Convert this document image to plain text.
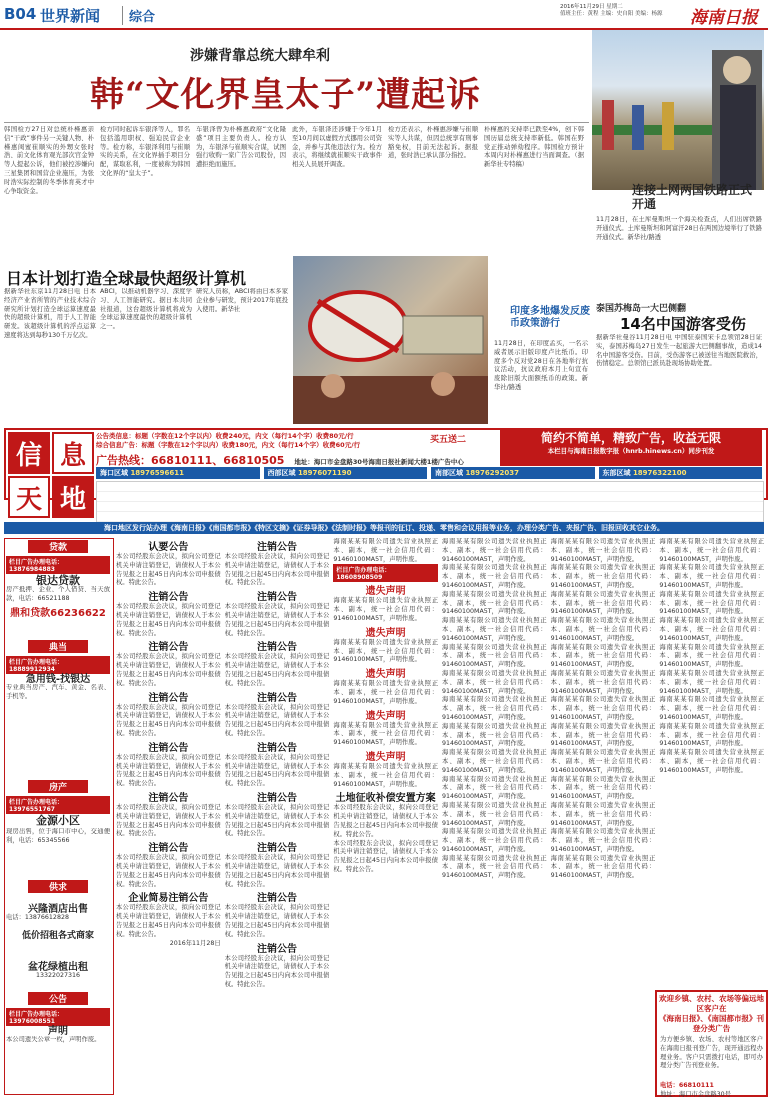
B04 世界新闻	综合
2016年11月29日 星期二
值班主任：黄程 主编：史自阳 美编：杨源 海南日报
涉嫌背靠总统大肆牟利
韩“文化界皇太子”遭起诉
韩国检方27日对总统朴槿惠亲信“干政”事件另一关键人物、朴槿惠闺蜜崔顺实的外甥女张时浩、前文化体育观光部次官金钟等人提起公诉，他们被控涉嫌向三星集团和国营企业施压，为张时浩实际控制的冬季体育英才中心争取资金。
检方同时起诉车银泽等人，罪名包括滥用职权、强迫民营企业等。检方称，车银泽利用与崔顺实的关系，在文化界插手项目分配，谋取私利，一度被称为韩国文化界的“皇太子”。
车银泽曾为朴槿惠政府“文化隆盛”项目主要负责人。检方认为，车银泽与崔顺实合谋，试图强行收购一家广告公司股份，因遭拒绝而施压。
此外，车银泽还涉嫌于今年1月至10月间以虚假方式挪用公司资金，并参与其他违法行为。检方表示，将继续就崔顺实干政事件相关人员展开调查。
检方还表示，朴槿惠涉嫌与崔顺实等人共谋，但因总统享有刑事豁免权，目前无法起诉。据报道，张时浩已承认部分指控。
朴槿惠的支持率已跌至4%，创下韩国历届总统支持率新低。韩国在野党正推动弹劾程序。韩国检方预计本周内对朴槿惠进行当面调查。（据新华社专特稿）
连接土网两国铁路正式开通
11月28日，在土库曼斯坦一个海关检查点，人们出席铁路开通仪式。土库曼斯坦和阿富汗28日在两国边境举行了铁路开通仪式。新华社/路透
日本计划打造全球最快超级计算机
据新华社东京11月28日电 日本经济产业省所管的产业技术综合研究所计划打造全球运算速度最快的超级计算机，用于人工智能研发。该超级计算机的浮点运算速度将达到每秒130千万亿次。
ABCI，以推动机器学习、深度学习、人工智能研究。据日本共同社报道，这台超级计算机将成为全球运算速度最快的超级计算机之一。
研究人员称，ABCI将由日本多家企业参与研发，预计2017年底投入使用。新华社	印度多地爆发反废币政策游行
11月28日，在印度孟买，一名示威者展示旧版印度卢比纸币。印度多个反对党28日在各地举行抗议活动，抗议政府本月上旬宣布废除旧版大面额纸币的政策。新华社/路透
泰国苏梅岛一大巴侧翻
14名中国游客受伤
据新华社曼谷11月28日电 中国驻泰国宋卡总领馆28日证实，泰国苏梅岛27日发生一起旅游大巴侧翻事故，造成14名中国游客受伤。目前，受伤游客已被送往当地医院救治，伤情稳定。总领馆已派员赴现场协助处置。
信 息
天 地
公告类信息：标题（字数在12个字以内）收费240元，内文（每行14个字）收费80元/行
综合信息广告：标题（字数在12个字以内）收费180元，内文（每行14个字）收费60元/行
广告热线：66810111、66810505 地址：海口市金盘路30号海南日报社新闻大楼1楼广告中心
买五送二	简约不简单，精致广告，收益无限
本栏目与海南日报数字报（hnrb.hinews.cn）同步刊发
海口区域 18976596611	西部区域 18976071190	南部区域 18976292037	东部区域 18976322100
海口地区发行站办理《海南日报》《南国都市报》《特区文摘》《证券导报》《法制时报》等报刊的征订、投递、零售和会议用报等业务，办理分类广告、夹报广告、旧报回收其它业务。
贷款
栏目广告办理电话：13876984883
银达贷款
房产抵押、企业、个人借贷、当天放款，电话：66521188
鼎和贷款66236622
典当
栏目广告办理电话：18889912934
急用钱-找银达
专业典当房产、汽车、黄金、名表、手机等。
房产
栏目广告办理电话：13976551767
金源小区
现房出售，位于海口市中心，交通便利，电话：65345566
供求
兴隆酒店出售
电话：13876612828
低价招租各式商家
盆花绿植出租
13322027316
公告
栏目广告办理电话：13976008551
声明
本公司遗失公章一枚，声明作废。
认要公告
本公司经股东会决议，拟向公司登记机关申请注销登记，请债权人于本公告见报之日起45日内向本公司申报债权。特此公告。
注销公告
本公司经股东会决议，拟向公司登记机关申请注销登记，请债权人于本公告见报之日起45日内向本公司申报债权。特此公告。
注销公告
本公司经股东会决议，拟向公司登记机关申请注销登记，请债权人于本公告见报之日起45日内向本公司申报债权。特此公告。
注销公告
本公司经股东会决议，拟向公司登记机关申请注销登记，请债权人于本公告见报之日起45日内向本公司申报债权。特此公告。
注销公告
本公司经股东会决议，拟向公司登记机关申请注销登记，请债权人于本公告见报之日起45日内向本公司申报债权。特此公告。
注销公告
本公司经股东会决议，拟向公司登记机关申请注销登记，请债权人于本公告见报之日起45日内向本公司申报债权。特此公告。
注销公告
本公司经股东会决议，拟向公司登记机关申请注销登记，请债权人于本公告见报之日起45日内向本公司申报债权。特此公告。
企业简易注销公告
本公司经股东会决议，拟向公司登记机关申请注销登记，请债权人于本公告见报之日起45日内向本公司申报债权。特此公告。
2016年11月28日
注销公告
本公司经股东会决议，拟向公司登记机关申请注销登记，请债权人于本公告见报之日起45日内向本公司申报债权。特此公告。
注销公告
本公司经股东会决议，拟向公司登记机关申请注销登记，请债权人于本公告见报之日起45日内向本公司申报债权。特此公告。
注销公告
本公司经股东会决议，拟向公司登记机关申请注销登记，请债权人于本公告见报之日起45日内向本公司申报债权。特此公告。
注销公告
本公司经股东会决议，拟向公司登记机关申请注销登记，请债权人于本公告见报之日起45日内向本公司申报债权。特此公告。
注销公告
本公司经股东会决议，拟向公司登记机关申请注销登记，请债权人于本公告见报之日起45日内向本公司申报债权。特此公告。
注销公告
本公司经股东会决议，拟向公司登记机关申请注销登记，请债权人于本公告见报之日起45日内向本公司申报债权。特此公告。
注销公告
本公司经股东会决议，拟向公司登记机关申请注销登记，请债权人于本公告见报之日起45日内向本公司申报债权。特此公告。
注销公告
本公司经股东会决议，拟向公司登记机关申请注销登记，请债权人于本公告见报之日起45日内向本公司申报债权。特此公告。
注销公告
本公司经股东会决议，拟向公司登记机关申请注销登记，请债权人于本公告见报之日起45日内向本公司申报债权。特此公告。
海南某某有限公司遗失营业执照正本、副本，统一社会信用代码：91460100MA5T，声明作废。
栏目广告办理电话：18608908509
遗失声明
海南某某有限公司遗失营业执照正本、副本，统一社会信用代码：91460100MA5T，声明作废。
遗失声明
海南某某有限公司遗失营业执照正本、副本，统一社会信用代码：91460100MA5T，声明作废。
遗失声明
海南某某有限公司遗失营业执照正本、副本，统一社会信用代码：91460100MA5T，声明作废。
遗失声明
海南某某有限公司遗失营业执照正本、副本，统一社会信用代码：91460100MA5T，声明作废。
遗失声明
海南某某有限公司遗失营业执照正本、副本，统一社会信用代码：91460100MA5T，声明作废。
土地征收补偿安置方案
本公司经股东会决议，拟向公司登记机关申请注销登记，请债权人于本公告见报之日起45日内向本公司申报债权。特此公告。
本公司经股东会决议，拟向公司登记机关申请注销登记，请债权人于本公告见报之日起45日内向本公司申报债权。特此公告。
海南某某有限公司遗失营业执照正本、副本，统一社会信用代码：91460100MA5T，声明作废。
海南某某有限公司遗失营业执照正本、副本，统一社会信用代码：91460100MA5T，声明作废。
海南某某有限公司遗失营业执照正本、副本，统一社会信用代码：91460100MA5T，声明作废。
海南某某有限公司遗失营业执照正本、副本，统一社会信用代码：91460100MA5T，声明作废。
海南某某有限公司遗失营业执照正本、副本，统一社会信用代码：91460100MA5T，声明作废。
海南某某有限公司遗失营业执照正本、副本，统一社会信用代码：91460100MA5T，声明作废。
海南某某有限公司遗失营业执照正本、副本，统一社会信用代码：91460100MA5T，声明作废。
海南某某有限公司遗失营业执照正本、副本，统一社会信用代码：91460100MA5T，声明作废。
海南某某有限公司遗失营业执照正本、副本，统一社会信用代码：91460100MA5T，声明作废。
海南某某有限公司遗失营业执照正本、副本，统一社会信用代码：91460100MA5T，声明作废。
海南某某有限公司遗失营业执照正本、副本，统一社会信用代码：91460100MA5T，声明作废。
海南某某有限公司遗失营业执照正本、副本，统一社会信用代码：91460100MA5T，声明作废。
海南某某有限公司遗失营业执照正本、副本，统一社会信用代码：91460100MA5T，声明作废。
海南某某有限公司遗失营业执照正本、副本，统一社会信用代码：91460100MA5T，声明作废。
海南某某有限公司遗失营业执照正本、副本，统一社会信用代码：91460100MA5T，声明作废。
海南某某有限公司遗失营业执照正本、副本，统一社会信用代码：91460100MA5T，声明作废。
海南某某有限公司遗失营业执照正本、副本，统一社会信用代码：91460100MA5T，声明作废。
海南某某有限公司遗失营业执照正本、副本，统一社会信用代码：91460100MA5T，声明作废。
海南某某有限公司遗失营业执照正本、副本，统一社会信用代码：91460100MA5T，声明作废。
海南某某有限公司遗失营业执照正本、副本，统一社会信用代码：91460100MA5T，声明作废。
海南某某有限公司遗失营业执照正本、副本，统一社会信用代码：91460100MA5T，声明作废。
海南某某有限公司遗失营业执照正本、副本，统一社会信用代码：91460100MA5T，声明作废。
海南某某有限公司遗失营业执照正本、副本，统一社会信用代码：91460100MA5T，声明作废。
海南某某有限公司遗失营业执照正本、副本，统一社会信用代码：91460100MA5T，声明作废。
海南某某有限公司遗失营业执照正本、副本，统一社会信用代码：91460100MA5T，声明作废。
海南某某有限公司遗失营业执照正本、副本，统一社会信用代码：91460100MA5T，声明作废。
海南某某有限公司遗失营业执照正本、副本，统一社会信用代码：91460100MA5T，声明作废。
海南某某有限公司遗失营业执照正本、副本，统一社会信用代码：91460100MA5T，声明作废。
海南某某有限公司遗失营业执照正本、副本，统一社会信用代码：91460100MA5T，声明作废。
海南某某有限公司遗失营业执照正本、副本，统一社会信用代码：91460100MA5T，声明作废。
海南某某有限公司遗失营业执照正本、副本，统一社会信用代码：91460100MA5T，声明作废。
海南某某有限公司遗失营业执照正本、副本，统一社会信用代码：91460100MA5T，声明作废。
海南某某有限公司遗失营业执照正本、副本，统一社会信用代码：91460100MA5T，声明作废。
海南某某有限公司遗失营业执照正本、副本，统一社会信用代码：91460100MA5T，声明作废。
海南某某有限公司遗失营业执照正本、副本，统一社会信用代码：91460100MA5T，声明作废。
欢迎乡镇、农村、农场等偏远地区客户在
《海南日报》、《南国都市报》刊登分类广告
为方便乡镇、农场、农村等地区客户在海南日报刊登广告，现开通远程办理业务。客户只需拨打电话，即可办理分类广告刊登业务。
电话：66810111
地址：海口市金盘路30号
